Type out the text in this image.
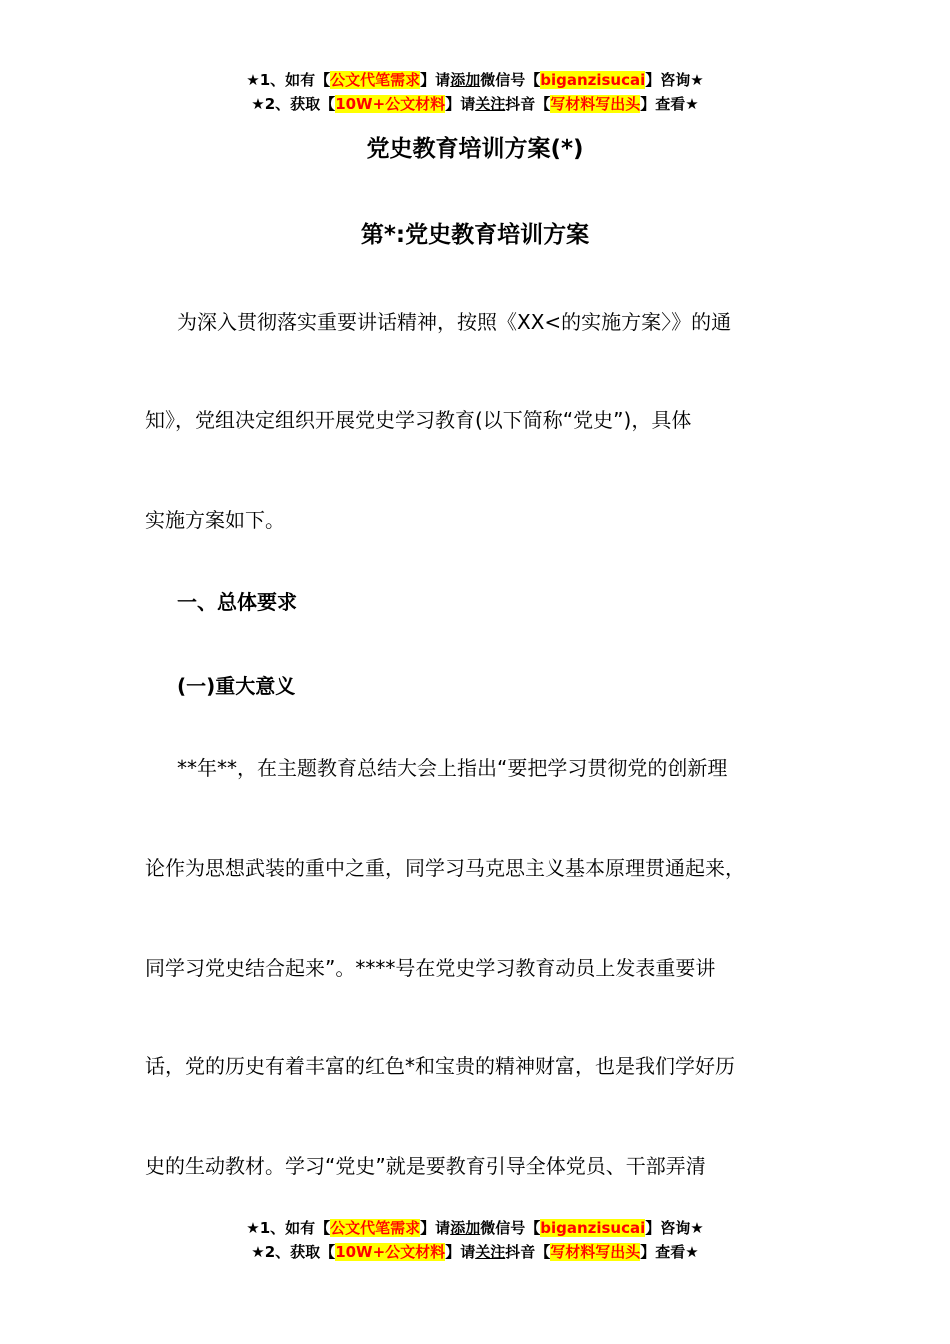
★1、如有【公文代笔需求】请添加微信号【biganzisucai】咨询★
★2、获取【10W+公文材料】请关注抖音【写材料写出头】查看★
党史教育培训方案(*)
第*:党史教育培训方案
为深入贯彻落实重要讲话精神，按照《XX<的实施方案〉》的通
知》，党组决定组织开展党史学习教育(以下简称“党史”)，具体
实施方案如下。
一、总体要求
(一)重大意义
**年**，在主题教育总结大会上指出“要把学习贯彻党的创新理
论作为思想武装的重中之重，同学习马克思主义基本原理贯通起来，
同学习党史结合起来”。****号在党史学习教育动员上发表重要讲
话，党的历史有着丰富的红色*和宝贵的精神财富，也是我们学好历
史的生动教材。学习“党史”就是要教育引导全体党员、干部弄清
★1、如有【公文代笔需求】请添加微信号【biganzisucai】咨询★
★2、获取【10W+公文材料】请关注抖音【写材料写出头】查看★
